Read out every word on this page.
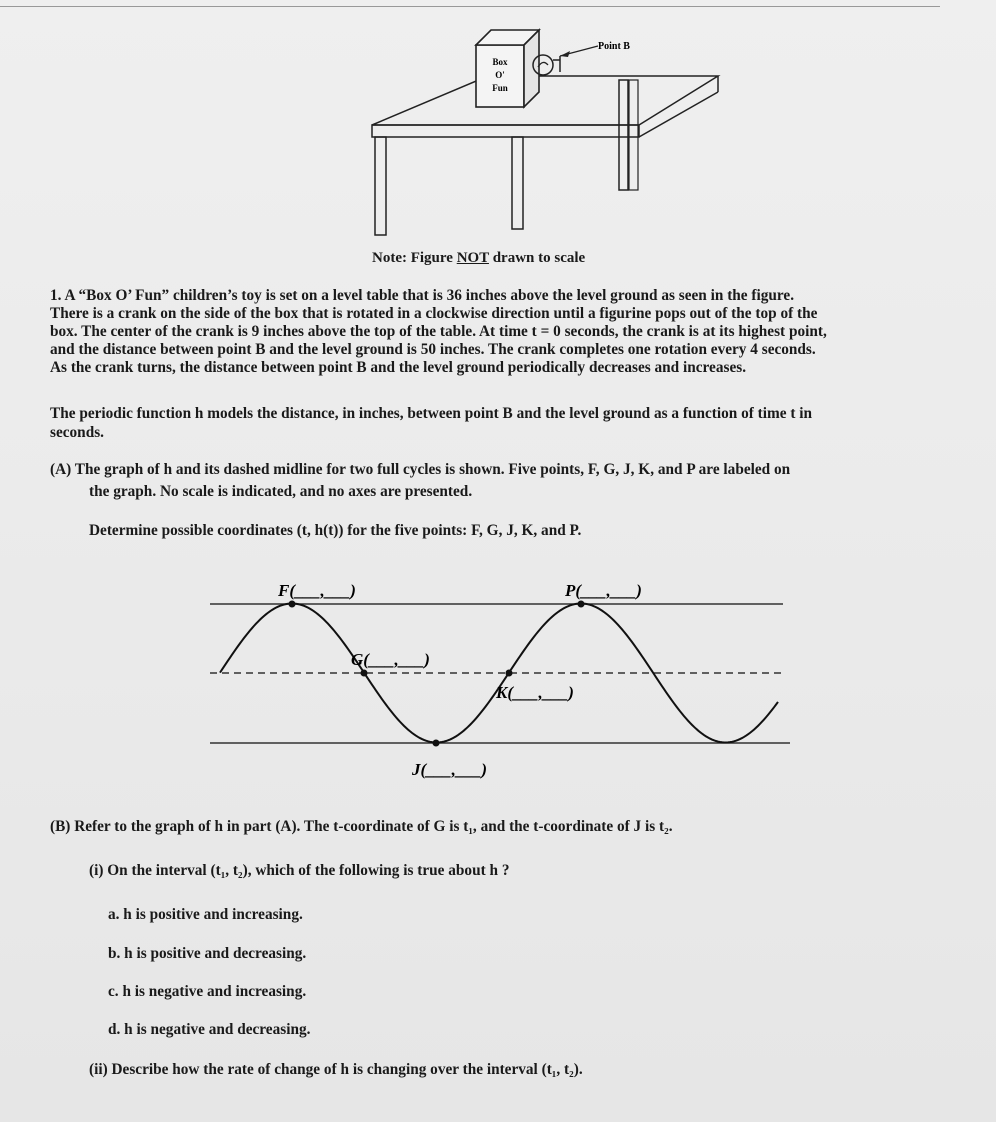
Point B
Box
O'
Fun
Note: Figure NOT drawn to scale

1. A “Box O’ Fun” children’s toy is set on a level table that is 36 inches above the level ground as seen in the figure.

There is a crank on the side of the box that is rotated in a clockwise direction until a figurine pops out of the top of the

box. The center of the crank is 9 inches above the top of the table. At time t = 0 seconds, the crank is at its highest point,

and the distance between point B and the level ground is 50 inches. The crank completes one rotation every 4 seconds.

As the crank turns, the distance between point B and the level ground periodically decreases and increases.

The periodic function h models the distance, in inches, between point B and the level ground as a function of time t in

seconds.

(A) The graph of h and its dashed midline for two full cycles is shown. Five points, F, G, J, K, and P are labeled on

the graph. No scale is indicated, and no axes are presented.

Determine possible coordinates (t, h(t)) for the five points: F, G, J, K, and P.

F(___,___)	P(___,___)
G(___,___)
K(___,___)
J(___,___)

(B) Refer to the graph of h in part (A). The t-coordinate of G is t₁, and the t-coordinate of J is t₂.

(i) On the interval (t₁, t₂), which of the following is true about h ?

a. h is positive and increasing.

b. h is positive and decreasing.

c. h is negative and increasing.

d. h is negative and decreasing.

(ii) Describe how the rate of change of h is changing over the interval (t₁, t₂).
